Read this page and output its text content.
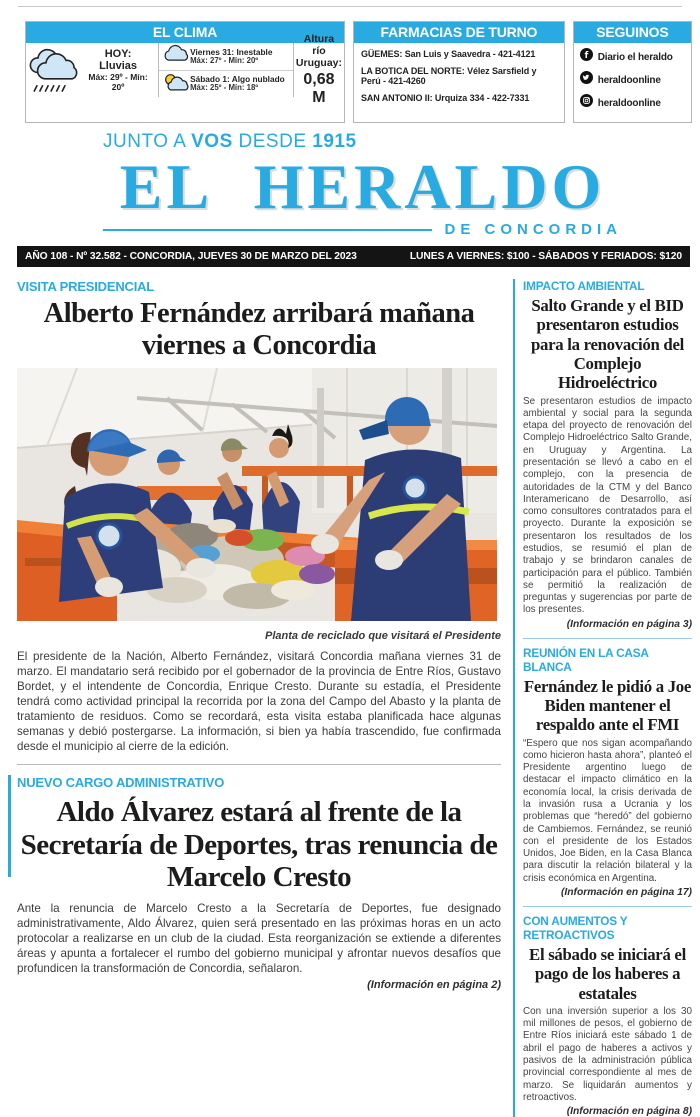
EL CLIMA
HOY:
Lluvias
Máx: 29º - Mín: 20º
Viernes 31: Inestable
Máx: 27º - Mín: 20º
Sábado 1: Algo nublado
Máx: 25º - Mín: 18º
Altura río Uruguay:
0,68 M
FARMACIAS DE TURNO
GÜEMES: San Luis y Saavedra - 421-4121
LA BOTICA DEL NORTE: Vélez Sarsfield y Perú - 421-4260
SAN ANTONIO II: Urquiza 334 - 422-7331
SEGUINOS
f Diario el heraldo
heraldoonline
heraldoonline
JUNTO A VOS DESDE 1915
EL HERALDO
DE CONCORDIA
AÑO 108 - Nº 32.582 - CONCORDIA, JUEVES 30 DE MARZO DEL 2023	LUNES A VIERNES: $100 - SÁBADOS Y FERIADOS: $120
VISITA PRESIDENCIAL
Alberto Fernández arribará mañana viernes a Concordia
Planta de reciclado que visitará el Presidente
El presidente de la Nación, Alberto Fernández, visitará Concordia mañana viernes 31 de marzo. El mandatario será recibido por el gobernador de la provincia de Entre Ríos, Gustavo Bordet, y el intendente de Concordia, Enrique Cresto. Durante su estadía, el Presidente tendrá como actividad principal la recorrida por la zona del Campo del Abasto y la planta de tratamiento de residuos. Como se recordará, esta visita estaba planificada hace algunas semanas y debió postergarse. La información, si bien ya había trascendido, fue confirmada desde el municipio al cierre de la edición.
NUEVO CARGO ADMINISTRATIVO
Aldo Álvarez estará al frente de la Secretaría de Deportes, tras renuncia de Marcelo Cresto
Ante la renuncia de Marcelo Cresto a la Secretaría de Deportes, fue designado administrativamente, Aldo Álvarez, quien será presentado en las próximas horas en un acto protocolar a realizarse en un club de la ciudad. Esta reorganización se extiende a diferentes áreas y apunta a fortalecer el rumbo del gobierno municipal y afrontar nuevos desafíos que profundicen la transformación de Concordia, señalaron.
(Información en página 2)
IMPACTO AMBIENTAL
Salto Grande y el BID presentaron estudios para la renovación del Complejo Hidroeléctrico
Se presentaron estudios de impacto ambiental y social para la segunda etapa del proyecto de renovación del Complejo Hidroeléctrico Salto Grande, en Uruguay y Argentina. La presentación se llevó a cabo en el complejo, con la presencia de autoridades de la CTM y del Banco Interamericano de Desarrollo, así como consultores contratados para el proyecto. Durante la exposición se presentaron los resultados de los estudios, se resumió el plan de trabajo y se brindaron canales de participación para el público. También se permitió la realización de preguntas y sugerencias por parte de los presentes.
(Información en página 3)
REUNIÓN EN LA CASA BLANCA
Fernández le pidió a Joe Biden mantener el respaldo ante el FMI
“Espero que nos sigan acompañando como hicieron hasta ahora”, planteó el Presidente argentino luego de destacar el impacto climático en la economía local, la crisis derivada de la invasión rusa a Ucrania y los problemas que “heredó” del gobierno de Cambiemos. Fernández, se reunió con el presidente de los Estados Unidos, Joe Biden, en la Casa Blanca para discutir la relación bilateral y la crisis económica en Argentina.
(Información en página 17)
CON AUMENTOS Y RETROACTIVOS
El sábado se iniciará el pago de los haberes a estatales
Con una inversión superior a los 30 mil millones de pesos, el gobierno de Entre Ríos iniciará este sábado 1 de abril el pago de haberes a activos y pasivos de la administración pública provincial correspondiente al mes de marzo. Se liquidarán aumentos y retroactivos.
(Información en página 8)
